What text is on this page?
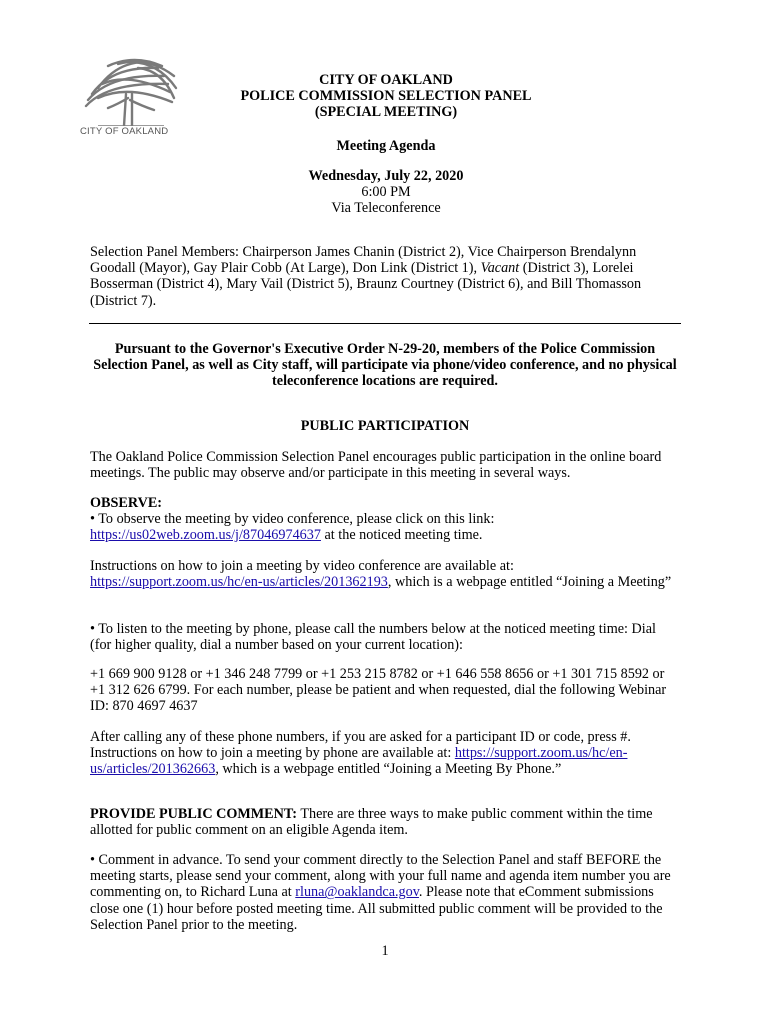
CITY OF OAKLAND
CITY OF OAKLAND
POLICE COMMISSION SELECTION PANEL
(SPECIAL MEETING)
Meeting Agenda
Wednesday, July 22, 2020
6:00 PM
Via Teleconference

Selection Panel Members: Chairperson James Chanin (District 2), Vice Chairperson Brendalynn Goodall (Mayor), Gay Plair Cobb (At Large), Don Link (District 1), Vacant (District 3), Lorelei Bosserman (District 4), Mary Vail (District 5), Braunz Courtney (District 6), and Bill Thomasson (District 7).

Pursuant to the Governor's Executive Order N-29-20, members of the Police Commission Selection Panel, as well as City staff, will participate via phone/video conference, and no physical teleconference locations are required.

PUBLIC PARTICIPATION

The Oakland Police Commission Selection Panel encourages public participation in the online board meetings. The public may observe and/or participate in this meeting in several ways.

OBSERVE:
• To observe the meeting by video conference, please click on this link:
https://us02web.zoom.us/j/87046974637 at the noticed meeting time.

Instructions on how to join a meeting by video conference are available at:
https://support.zoom.us/hc/en-us/articles/201362193, which is a webpage entitled “Joining a Meeting”

• To listen to the meeting by phone, please call the numbers below at the noticed meeting time: Dial (for higher quality, dial a number based on your current location):

+1 669 900 9128 or +1 346 248 7799 or +1 253 215 8782 or +1 646 558 8656 or +1 301 715 8592 or +1 312 626 6799. For each number, please be patient and when requested, dial the following Webinar ID: 870 4697 4637

After calling any of these phone numbers, if you are asked for a participant ID or code, press #. Instructions on how to join a meeting by phone are available at: https://support.zoom.us/hc/en-us/articles/201362663, which is a webpage entitled “Joining a Meeting By Phone.”

PROVIDE PUBLIC COMMENT: There are three ways to make public comment within the time allotted for public comment on an eligible Agenda item.

• Comment in advance. To send your comment directly to the Selection Panel and staff BEFORE the meeting starts, please send your comment, along with your full name and agenda item number you are commenting on, to Richard Luna at rluna@oaklandca.gov. Please note that eComment submissions close one (1) hour before posted meeting time. All submitted public comment will be provided to the Selection Panel prior to the meeting.

1
